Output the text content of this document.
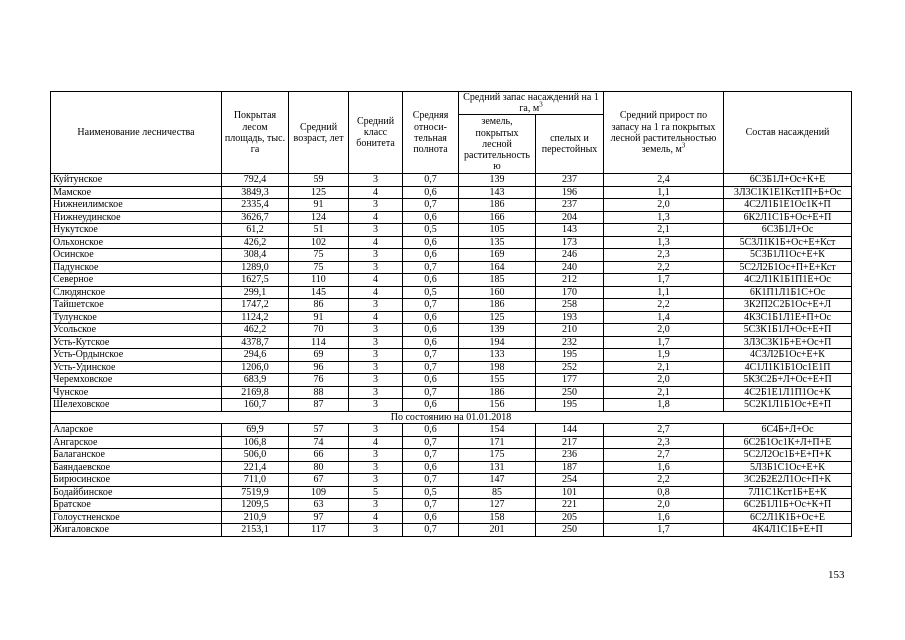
Наименование лесничества	Покрытая лесом площадь, тыс. га	Средний возраст, лет	Средний класс бонитета	Средняя относи-тельная полнота	Средний запас насаждений на 1 га, $м^3$		Средний прирост по запасу на 1 га покрытых лесной растительностью земель, $м^3$	Состав насаждений
					земель, покрытых лесной растительность ю	спелых и перестойных		
Куйтунское	792,4	59	3	0,7	139	237	2,4	6С3Б1Л+Ос+К+Е
Мамское	3849,3	125	4	0,6	143	196	1,1	3Л3С1К1Е1Кст1П+Б+Ос
Нижнеилимское	2335,4	91	3	0,7	186	237	2,0	4С2Л1Б1Е1Ос1К+П
Нижнеудинское	3626,7	124	4	0,6	166	204	1,3	6К2Л1С1Б+Ос+Е+П
Нукутское	61,2	51	3	0,5	105	143	2,1	6С3Б1Л+Ос
Ольхонское	426,2	102	4	0,6	135	173	1,3	5С3Л1К1Б+Ос+Е+Кст
Осинское	308,4	75	3	0,6	169	246	2,3	5С3Б1Л1Ос+Е+К
Падунское	1289,0	75	3	0,7	164	240	2,2	5С2Л2Б1Ос+П+Е+Кст
Северное	1627,5	110	4	0,6	185	212	1,7	4С2Л1К1Б1П1Е+Ос
Слюдянское	299,1	145	4	0,5	160	170	1,1	6К1П1Л1Б1С+Ос
Тайшетское	1747,2	86	3	0,7	186	258	2,2	3К2П2С2Б1Ос+Е+Л
Тулунское	1124,2	91	4	0,6	125	193	1,4	4К3С1Б1Л1Е+П+Ос
Усольское	462,2	70	3	0,6	139	210	2,0	5С3К1Б1Л+Ос+Е+П
Усть-Кутское	4378,7	114	3	0,6	194	232	1,7	3Л3С3К1Б+Е+Ос+П
Усть-Ордынское	294,6	69	3	0,7	133	195	1,9	4С3Л2Б1Ос+Е+К
Усть-Удинское	1206,0	96	3	0,7	198	252	2,1	4С1Л1К1Б1Ос1Е1П
Черемховское	683,9	76	3	0,6	155	177	2,0	5К3С2Б+Л+Ос+Е+П
Чунское	2169,8	88	3	0,7	186	250	2,1	4С2Б1Е1Л1П1Ос+К
Шелеховское	160,7	87	3	0,6	156	195	1,8	5С2К1Л1Б1Ос+Е+П
По состоянию на 01.01.2018								
Аларское	69,9	57	3	0,6	154	144	2,7	6С4Б+Л+Ос
Ангарское	106,8	74	4	0,7	171	217	2,3	6С2Б1Ос1К+Л+П+Е
Балаганское	506,0	66	3	0,7	175	236	2,7	5С2Л2Ос1Б+Е+П+К
Баяндаевское	221,4	80	3	0,6	131	187	1,6	5Л3Б1С1Ос+Е+К
Бирюсинское	711,0	67	3	0,7	147	254	2,2	3С2Б2Е2Л1Ос+П+К
Бодайбинское	7519,9	109	5	0,5	85	101	0,8	7Л1С1Кст1Б+Е+К
Братское	1209,5	63	3	0,7	127	221	2,0	6С2Б1Л1Б+Ос+К+П
Голоустненское	210,9	97	4	0,6	158	205	1,6	6С2Л1К1Б+Ос+Е
Жигаловское	2153,1	117	3	0,7	201	250	1,7	4К4Л1С1Б+Е+П
153
